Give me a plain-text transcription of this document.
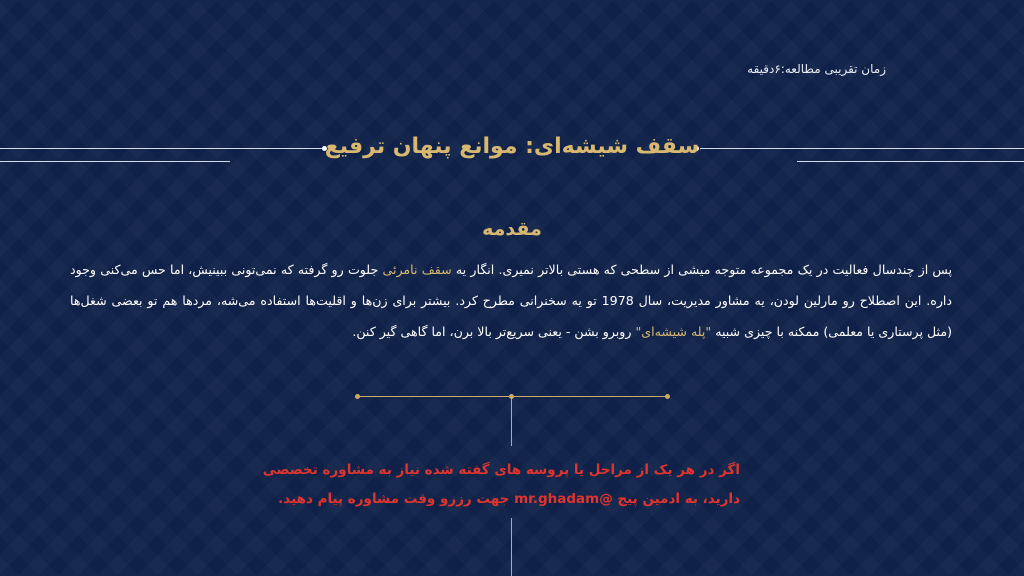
زمان تقریبی مطالعه:۶دقیقه
سقف شیشه‌ای: موانع پنهان ترفیع
مقدمه
پس از چندسال فعالیت در یک مجموعه متوجه میشی از سطحی که هستی بالاتر نمیری. انگار یه سقف نامرئی جلوت رو گرفته که نمی‌تونی ببینیش، اما حس می‌کنی وجود داره. این اصطلاح رو مارلین لودن، یه مشاور مدیریت، سال 1978 تو یه سخنرانی مطرح کرد. بیشتر برای زن‌ها و اقلیت‌ها استفاده می‌شه، مردها هم تو بعضی شغل‌ها (مثل پرستاری یا معلمی) ممکنه با چیزی شبیه "پله شیشه‌ای" روبرو بشن - یعنی سریع‌تر بالا برن، اما گاهی گیر کنن.
اگر در هر یک از مراحل یا پروسه های گفته شده نیاز به مشاوره تخصصی
دارید، به ادمین پیج @mr.ghadam جهت رزرو وقت مشاوره پیام دهید.
